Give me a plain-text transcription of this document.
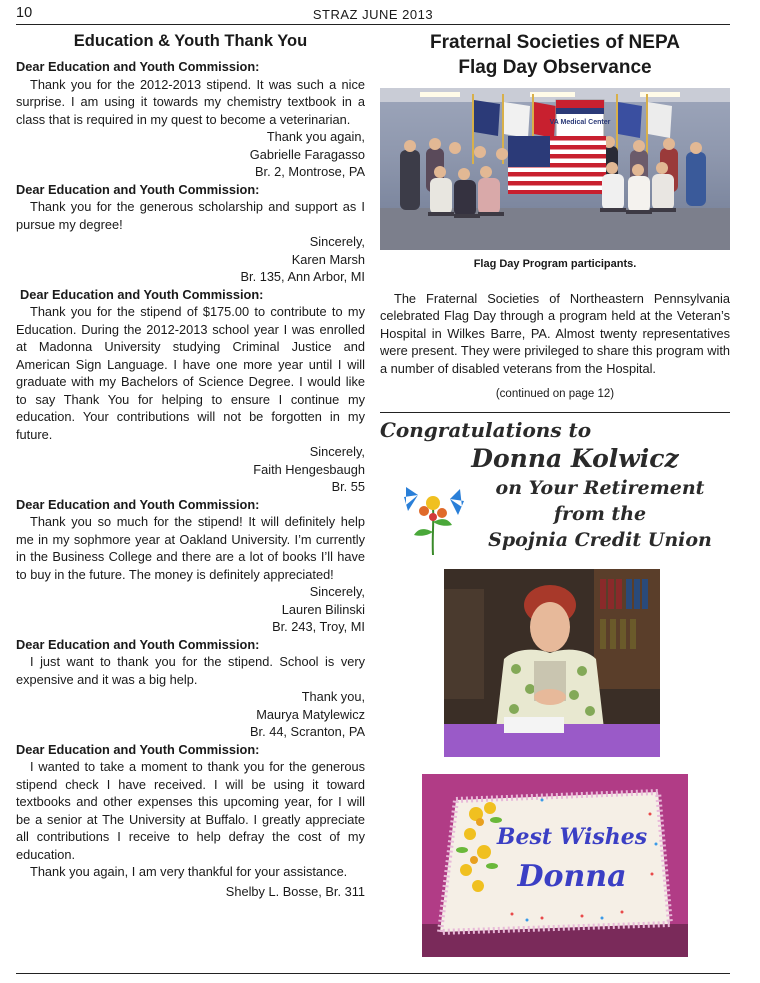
10	STRAZ JUNE 2013
Education & Youth Thank You
Dear Education and Youth Commission:
Thank you for the 2012-2013 stipend. It was such a nice surprise. I am using it towards my chemistry textbook in a class that is required in my quest to become a veterinarian.
Thank you again,
Gabrielle Faragasso
Br. 2, Montrose, PA
Dear Education and Youth Commission:
Thank you for the generous scholarship and support as I pursue my degree!
Sincerely,
Karen Marsh
Br. 135, Ann Arbor, MI
Dear Education and Youth Commission:
Thank you for the stipend of $175.00 to contribute to my Education. During the 2012-2013 school year I was enrolled at Madonna University studying Criminal Justice and American Sign Language. I have one more year until I will graduate with my Bachelors of Science Degree. I would like to say Thank You for helping to ensure I continue my education. Your contributions will not be forgotten in my future.
Sincerely,
Faith Hengesbaugh
Br. 55
Dear Education and Youth Commission:
Thank you so much for the stipend! It will definitely help me in my sophmore year at Oakland University. I’m currently in the Business College and there are a lot of books I’ll have to buy in the future. The money is definitely appreciated!
Sincerely,
Lauren Bilinski
Br. 243, Troy, MI
Dear Education and Youth Commission:
I just want to thank you for the stipend. School is very expensive and it was a big help.
Thank you,
Maurya Matylewicz
Br. 44, Scranton, PA
Dear Education and Youth Commission:
I wanted to take a moment to thank you for the generous stipend check I have received. I will be using it toward textbooks and other expenses this upcoming year, for I will be a senior at The University at Buffalo. I greatly appreciate all contributions I receive to help defray the cost of my education.
Thank you again, I am very thankful for your assistance.
Shelby L. Bosse, Br. 311
Fraternal Societies of NEPA
Flag Day Observance
VA Medical Center
Flag Day Program participants.
The Fraternal Societies of Northeastern Pennsylvania celebrated Flag Day through a program held at the Veteran’s Hospital in Wilkes Barre, PA. Almost twenty representatives were present. They were privileged to share this program with a number of disabled veterans from the Hospital.
(continued on page 12)
Congratulations to
Donna Kolwicz
on Your Retirement
from the
Spojnia Credit Union
Best Wishes
Donna
